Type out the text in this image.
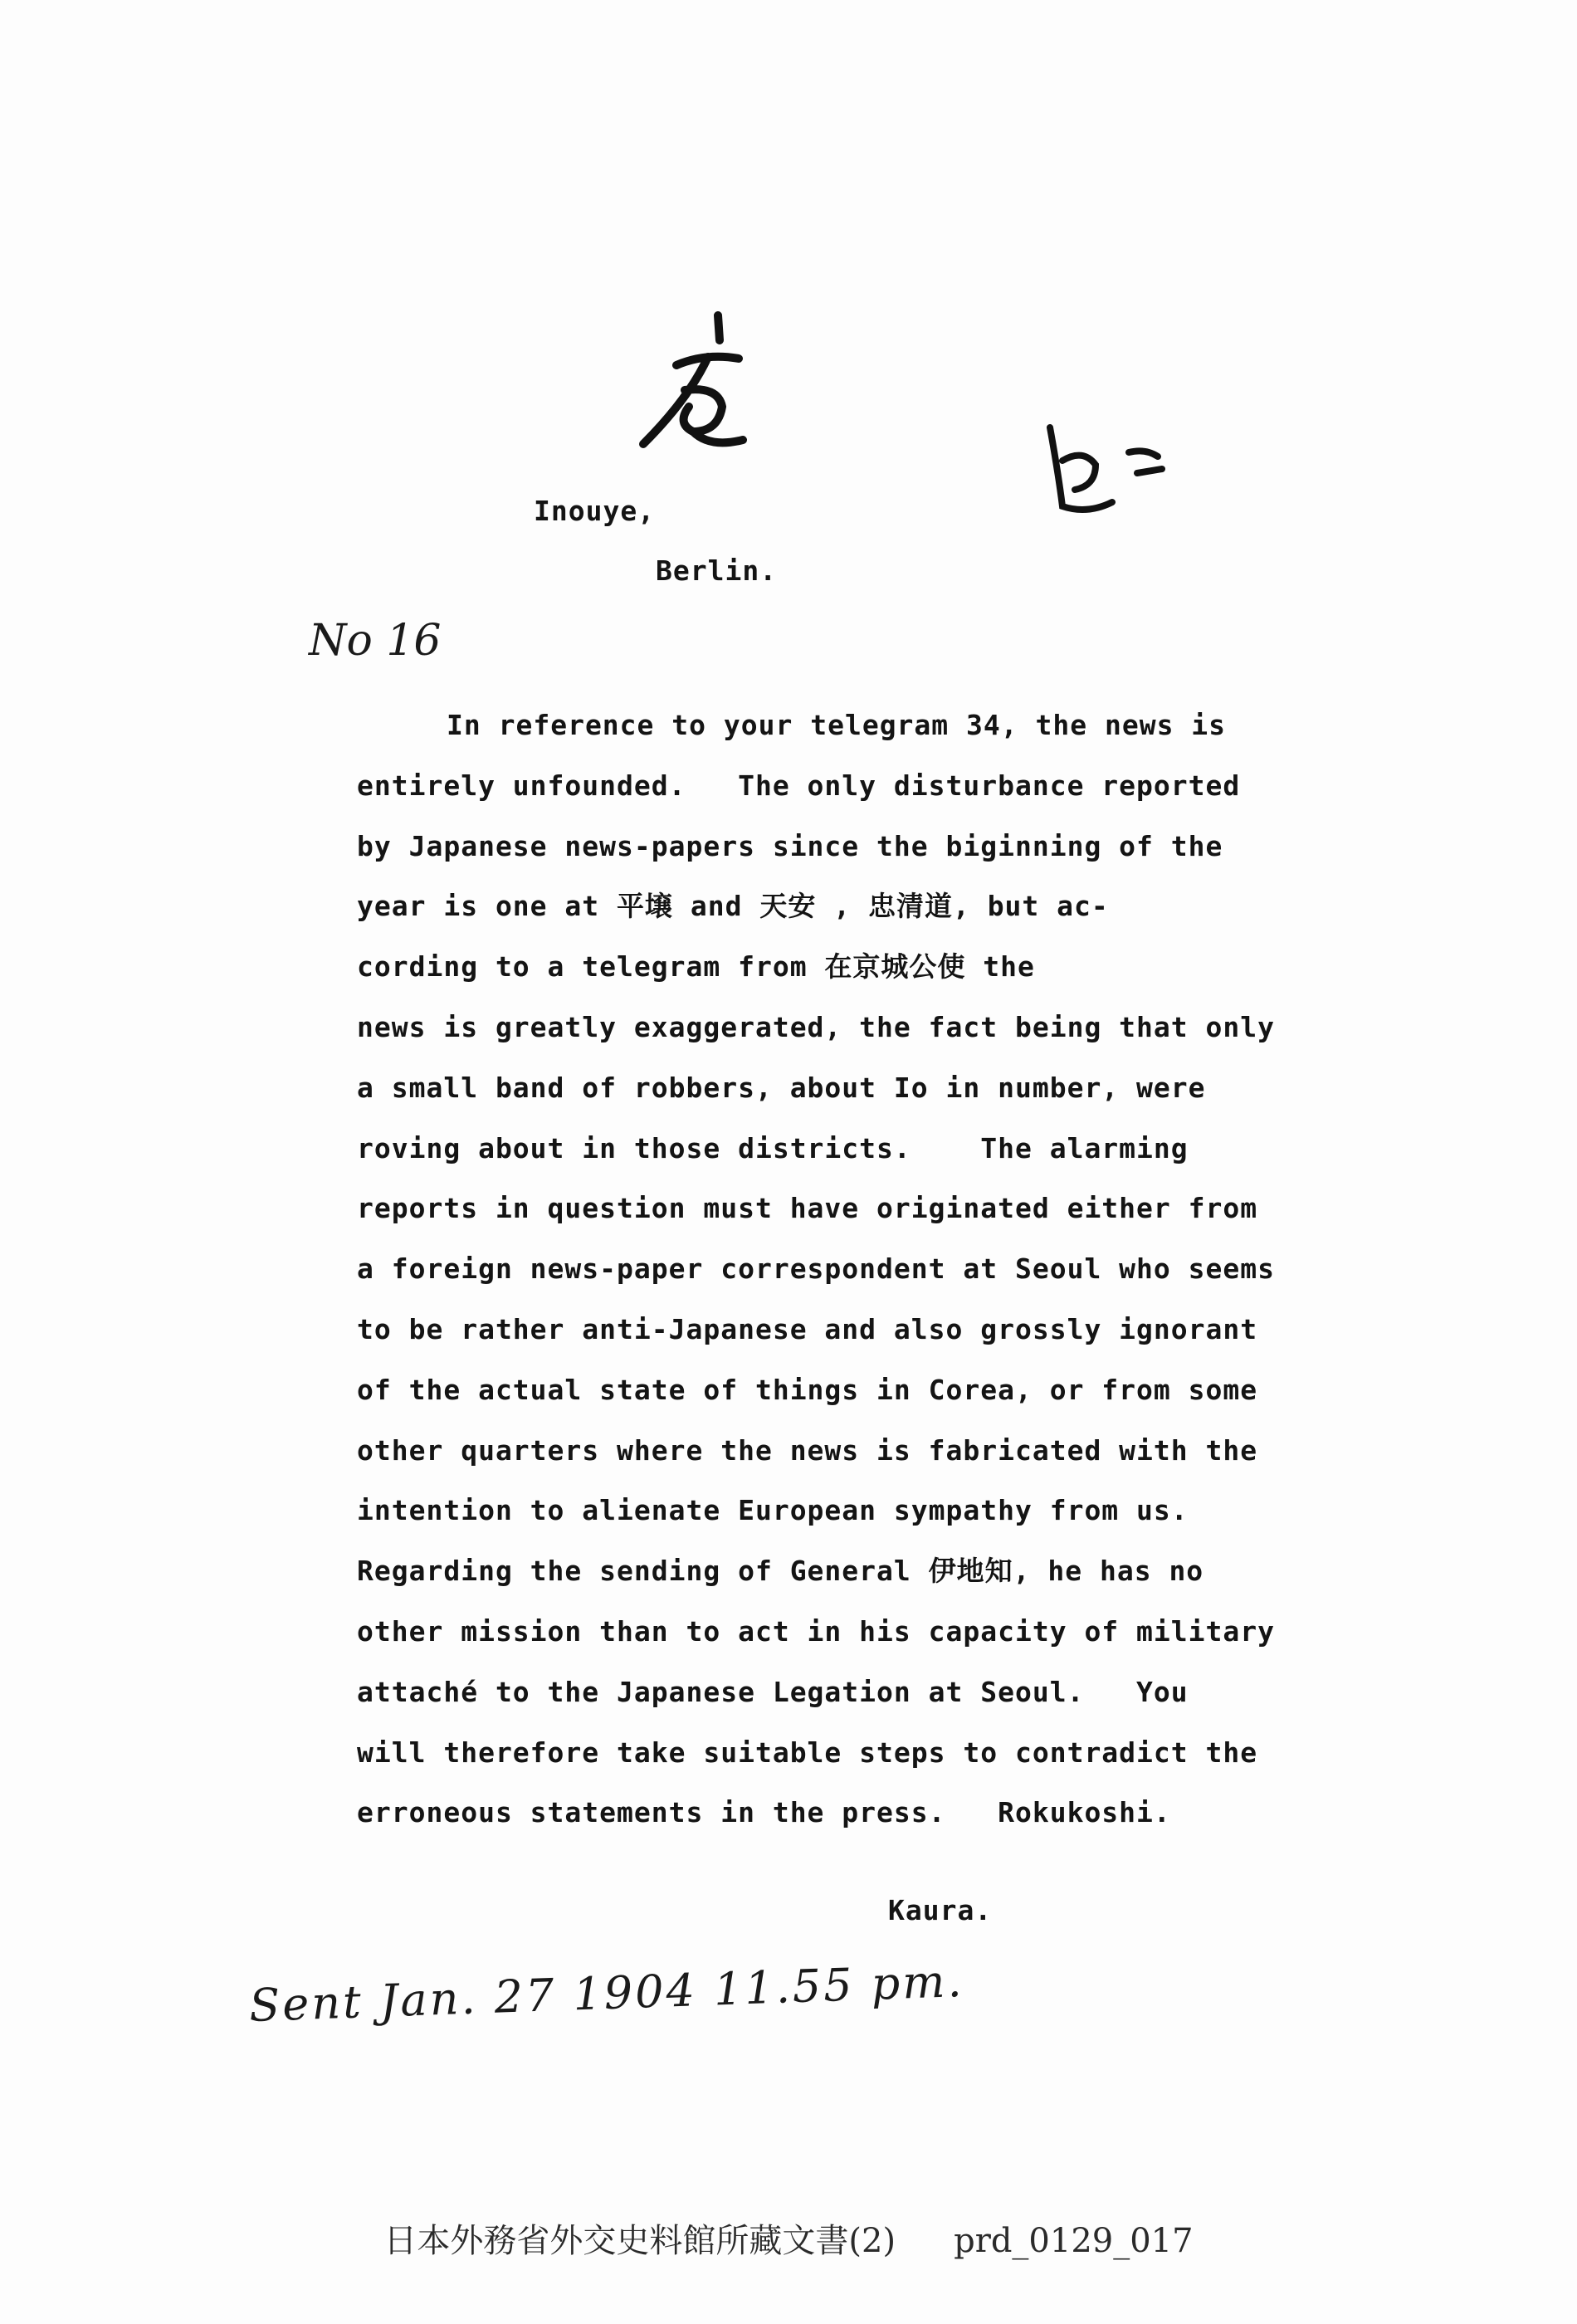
Inouye,
Berlin.
No 16
In reference to your telegram 34, the news is
entirely unfounded.   The only disturbance reported
by Japanese news-papers since the biginning of the
year is one at 平壌 and 天安 , 忠清道, but ac-
cording to a telegram from 在京城公使 the
news is greatly exaggerated, the fact being that only
a small band of robbers, about Io in number, were
roving about in those districts.    The alarming
reports in question must have originated either from
a foreign news-paper correspondent at Seoul who seems
to be rather anti-Japanese and also grossly ignorant
of the actual state of things in Corea, or from some
other quarters where the news is fabricated with the
intention to alienate European sympathy from us.
Regarding the sending of General 伊地知, he has no
other mission than to act in his capacity of military
attaché to the Japanese Legation at Seoul.   You
will therefore take suitable steps to contradict the
erroneous statements in the press.   Rokukoshi.
Kaura.
Sent Jan. 27 1904 11.55 pm.
日本外務省外交史料館所藏文書(2) prd_0129_017
